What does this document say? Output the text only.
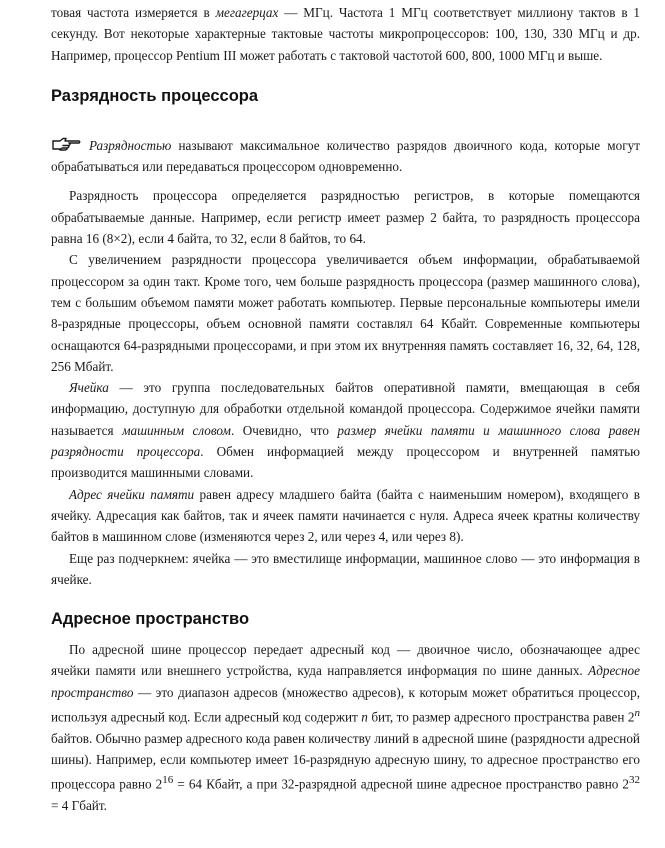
товая частота измеряется в мегагерцах — МГц. Частота 1 МГц соответствует миллиону тактов в 1 секунду. Вот некоторые характерные тактовые частоты микропроцессоров: 100, 130, 330 МГц и др. Например, процессор Pentium III может работать с тактовой частотой 600, 800, 1000 МГц и выше.

Разрядность процессора

Разрядностью называют максимальное количество разрядов двоичного кода, которые могут обрабатываться или передаваться процессором одновременно.

Разрядность процессора определяется разрядностью регистров, в которые помещаются обрабатываемые данные. Например, если регистр имеет размер 2 байта, то разрядность процессора равна 16 (8×2), если 4 байта, то 32, если 8 байтов, то 64.

С увеличением разрядности процессора увеличивается объем информации, обрабатываемой процессором за один такт. Кроме того, чем больше разрядность процессора (размер машинного слова), тем с большим объемом памяти может работать компьютер. Первые персональные компьютеры имели 8-разрядные процессоры, объем основной памяти составлял 64 Кбайт. Современные компьютеры оснащаются 64-разрядными процессорами, и при этом их внутренняя память составляет 16, 32, 64, 128, 256 Мбайт.

Ячейка — это группа последовательных байтов оперативной памяти, вмещающая в себя информацию, доступную для обработки отдельной командой процессора. Содержимое ячейки памяти называется машинным словом. Очевидно, что размер ячейки памяти и машинного слова равен разрядности процессора. Обмен информацией между процессором и внутренней памятью производится машинными словами.

Адрес ячейки памяти равен адресу младшего байта (байта с наименьшим номером), входящего в ячейку. Адресация как байтов, так и ячеек памяти начинается с нуля. Адреса ячеек кратны количеству байтов в машинном слове (изменяются через 2, или через 4, или через 8).

Еще раз подчеркнем: ячейка — это вместилище информации, машинное слово — это информация в ячейке.

Адресное пространство

По адресной шине процессор передает адресный код — двоичное число, обозначающее адрес ячейки памяти или внешнего устройства, куда направляется информация по шине данных. Адресное пространство — это диапазон адресов (множество адресов), к которым может обратиться процессор, используя адресный код. Если адресный код содержит n бит, то размер адресного пространства равен 2$^n$ байтов. Обычно размер адресного кода равен количеству линий в адресной шине (разрядности адресной шины). Например, если компьютер имеет 16-разрядную адресную шину, то адресное пространство его процессора равно $2^{16} = 64$ Кбайт, а при 32-разрядной адресной шине адресное пространство равно $2^{32} = 4$ Гбайт.
